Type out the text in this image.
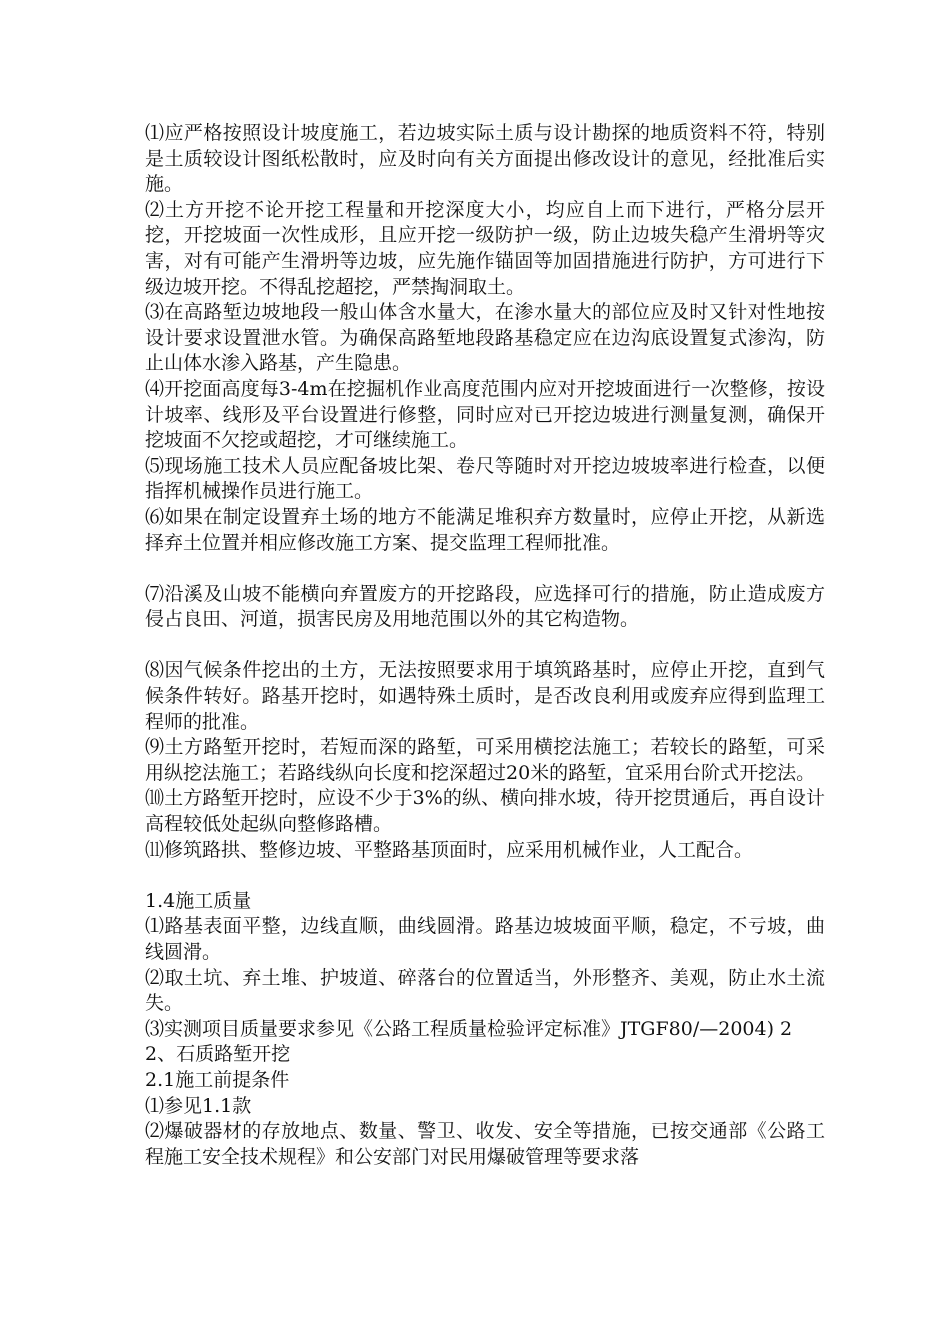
⑴应严格按照设计坡度施工，若边坡实际土质与设计勘探的地质资料不符，特别是土质较设计图纸松散时，应及时向有关方面提出修改设计的意见，经批准后实施。

⑵土方开挖不论开挖工程量和开挖深度大小，均应自上而下进行，严格分层开挖，开挖坡面一次性成形，且应开挖一级防护一级，防止边坡失稳产生滑坍等灾害，对有可能产生滑坍等边坡，应先施作锚固等加固措施进行防护，方可进行下级边坡开挖。不得乱挖超挖，严禁掏洞取土。

⑶在高路堑边坡地段一般山体含水量大，在渗水量大的部位应及时又针对性地按设计要求设置泄水管。为确保高路堑地段路基稳定应在边沟底设置复式渗沟，防止山体水渗入路基，产生隐患。

⑷开挖面高度每3-4m在挖掘机作业高度范围内应对开挖坡面进行一次整修，按设计坡率、线形及平台设置进行修整，同时应对已开挖边坡进行测量复测，确保开挖坡面不欠挖或超挖，才可继续施工。

⑸现场施工技术人员应配备坡比架、卷尺等随时对开挖边坡坡率进行检查，以便指挥机械操作员进行施工。

⑹如果在制定设置弃土场的地方不能满足堆积弃方数量时，应停止开挖，从新选择弃土位置并相应修改施工方案、提交监理工程师批准。

⑺沿溪及山坡不能横向弃置废方的开挖路段，应选择可行的措施，防止造成废方侵占良田、河道，损害民房及用地范围以外的其它构造物。

⑻因气候条件挖出的土方，无法按照要求用于填筑路基时，应停止开挖，直到气候条件转好。路基开挖时，如遇特殊土质时，是否改良利用或废弃应得到监理工程师的批准。

⑼土方路堑开挖时，若短而深的路堑，可采用横挖法施工；若较长的路堑，可采用纵挖法施工；若路线纵向长度和挖深超过20米的路堑，宜采用台阶式开挖法。

⑽土方路堑开挖时，应设不少于3%的纵、横向排水坡，待开挖贯通后，再自设计高程较低处起纵向整修路槽。

⑾修筑路拱、整修边坡、平整路基顶面时，应采用机械作业，人工配合。

1.4施工质量

⑴路基表面平整，边线直顺，曲线圆滑。路基边坡坡面平顺，稳定，不亏坡，曲线圆滑。

⑵取土坑、弃土堆、护坡道、碎落台的位置适当，外形整齐、美观，防止水土流失。

⑶实测项目质量要求参见《公路工程质量检验评定标准》JTGF80/—2004) 2

2、石质路堑开挖

2.1施工前提条件

⑴参见1.1款

⑵爆破器材的存放地点、数量、警卫、收发、安全等措施，已按交通部《公路工程施工安全技术规程》和公安部门对民用爆破管理等要求落
